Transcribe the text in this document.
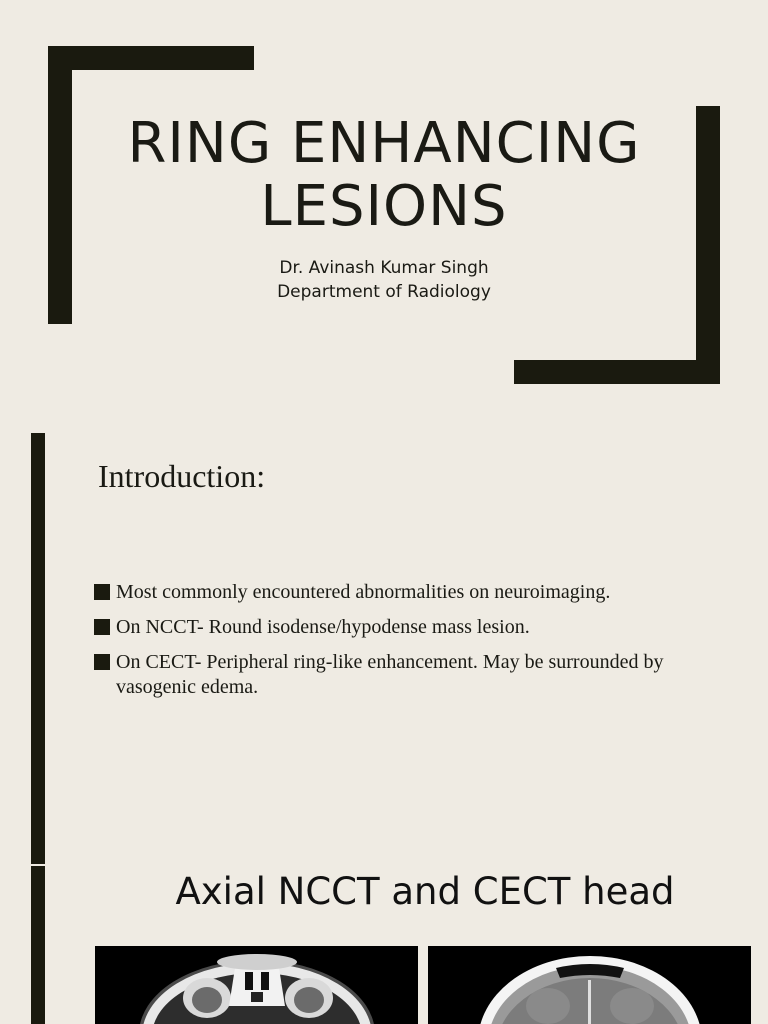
RING ENHANCING
LESIONS
Dr. Avinash Kumar Singh
Department of Radiology
Introduction:
Most commonly encountered abnormalities on neuroimaging.
On NCCT- Round isodense/hypodense mass lesion.
On CECT- Peripheral ring-like enhancement. May be surrounded by vasogenic edema.
Axial NCCT and CECT head
